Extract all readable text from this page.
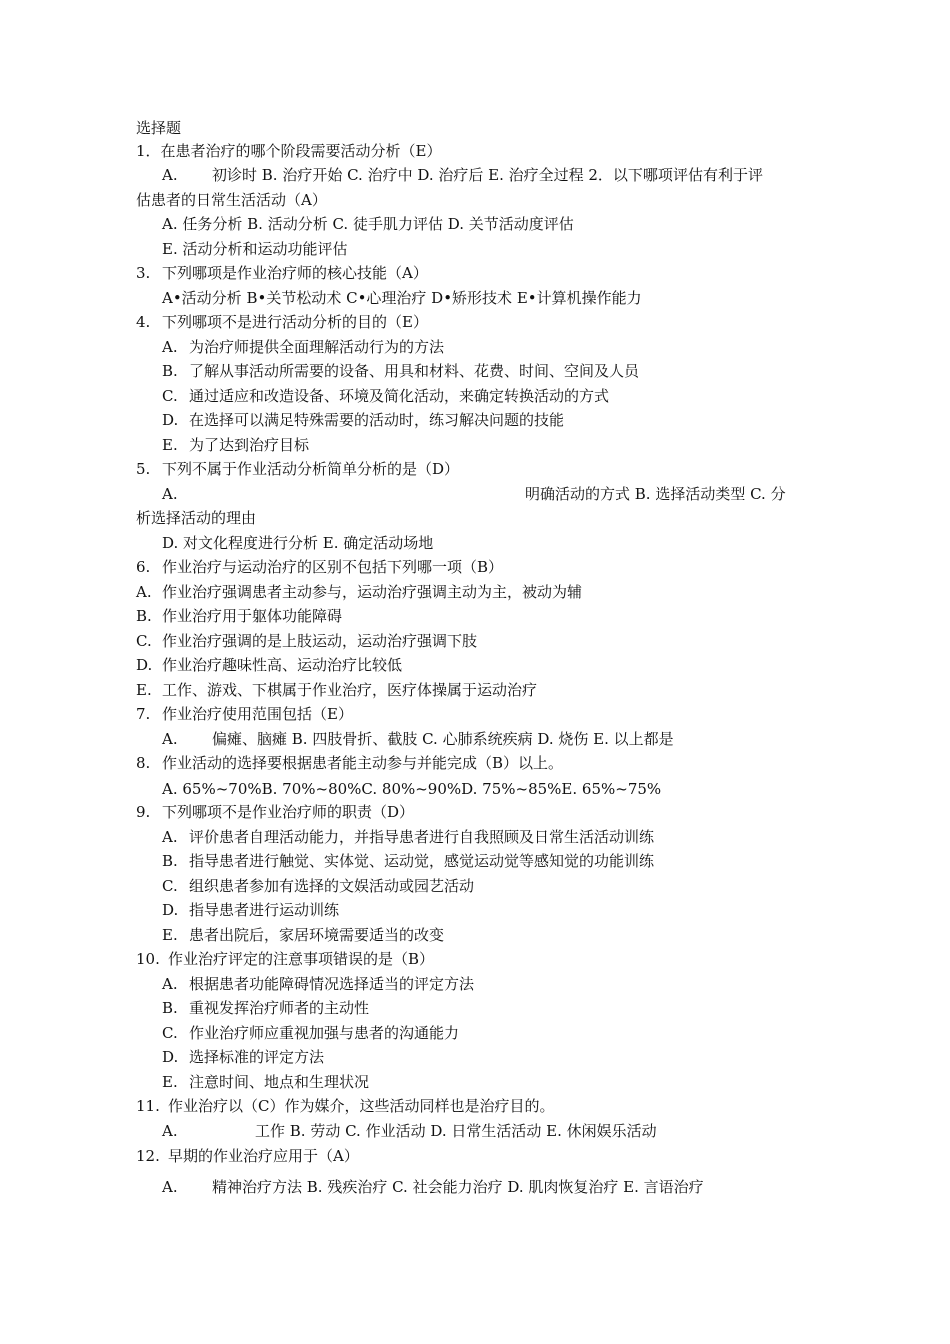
选择题
1．在患者治疗的哪个阶段需要活动分析（E）
A. 初诊时 B. 治疗开始 C. 治疗中 D. 治疗后 E. 治疗全过程 2．以下哪项评估有利于评
估患者的日常生活活动（A）
A. 任务分析 B. 活动分析 C. 徒手肌力评估 D. 关节活动度评估
E. 活动分析和运动功能评估
3. 下列哪项是作业治疗师的核心技能（A）
A•活动分析 B•关节松动术 C•心理治疗 D•矫形技术 E•计算机操作能力
4. 下列哪项不是进行活动分析的目的（E）
A. 为治疗师提供全面理解活动行为的方法
B. 了解从事活动所需要的设备、用具和材料、花费、时间、空间及人员
C. 通过适应和改造设备、环境及简化活动，来确定转换活动的方式
D. 在选择可以满足特殊需要的活动时，练习解决问题的技能
E. 为了达到治疗目标
5. 下列不属于作业活动分析简单分析的是（D）
A.	明确活动的方式 B. 选择活动类型 C. 分
析选择活动的理由
D. 对文化程度进行分析 E. 确定活动场地
6. 作业治疗与运动治疗的区别不包括下列哪一项（B）
A. 作业治疗强调患者主动参与，运动治疗强调主动为主，被动为辅
B. 作业治疗用于躯体功能障碍
C. 作业治疗强调的是上肢运动，运动治疗强调下肢
D. 作业治疗趣味性高、运动治疗比较低
E. 工作、游戏、下棋属于作业治疗，医疗体操属于运动治疗
7. 作业治疗使用范围包括（E）
A. 偏瘫、脑瘫 B. 四肢骨折、截肢 C. 心肺系统疾病 D. 烧伤 E. 以上都是
8. 作业活动的选择要根据患者能主动参与并能完成（B）以上。
A. 65%~70%B. 70%~80%C. 80%~90%D. 75%~85%E. 65%~75%
9. 下列哪项不是作业治疗师的职责（D）
A. 评价患者自理活动能力，并指导患者进行自我照顾及日常生活活动训练
B. 指导患者进行触觉、实体觉、运动觉，感觉运动觉等感知觉的功能训练
C. 组织患者参加有选择的文娱活动或园艺活动
D. 指导患者进行运动训练
E. 患者出院后，家居环境需要适当的改变
10. 作业治疗评定的注意事项错误的是（B）
A. 根据患者功能障碍情况选择适当的评定方法
B. 重视发挥治疗师者的主动性
C. 作业治疗师应重视加强与患者的沟通能力
D. 选择标准的评定方法
E. 注意时间、地点和生理状况
11. 作业治疗以（C）作为媒介，这些活动同样也是治疗目的。
A.	工作 B. 劳动 C. 作业活动 D. 日常生活活动 E. 休闲娱乐活动
12. 早期的作业治疗应用于（A）
A. 精神治疗方法 B. 残疾治疗 C. 社会能力治疗 D. 肌肉恢复治疗 E. 言语治疗
